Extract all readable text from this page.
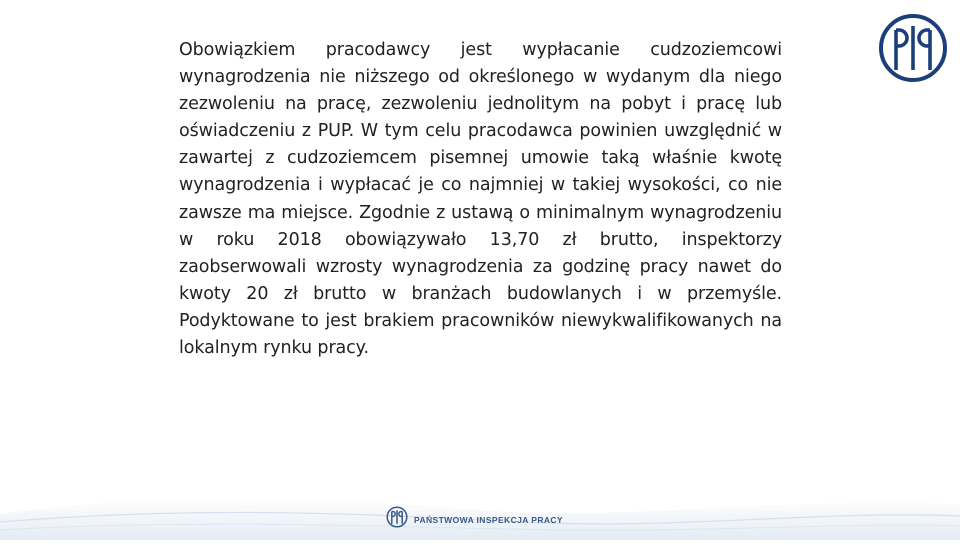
Obowiązkiem pracodawcy jest wypłacanie cudzoziemcowi wynagrodzenia nie niższego od określonego w wydanym dla niego zezwoleniu na pracę, zezwoleniu jednolitym na pobyt i pracę lub oświadczeniu z PUP. W tym celu pracodawca powinien uwzględnić w zawartej z cudzoziemcem pisemnej umowie taką właśnie kwotę wynagrodzenia i wypłacać je co najmniej w takiej wysokości, co nie zawsze ma miejsce. Zgodnie z ustawą o minimalnym wynagrodzeniu w roku 2018 obowiązywało 13,70 zł brutto, inspektorzy zaobserwowali wzrosty wynagrodzenia za godzinę pracy nawet do kwoty 20 zł brutto w branżach budowlanych i w przemyśle. Podyktowane to jest brakiem pracowników niewykwalifikowanych na lokalnym rynku pracy.

PAŃSTWOWA INSPEKCJA PRACY
